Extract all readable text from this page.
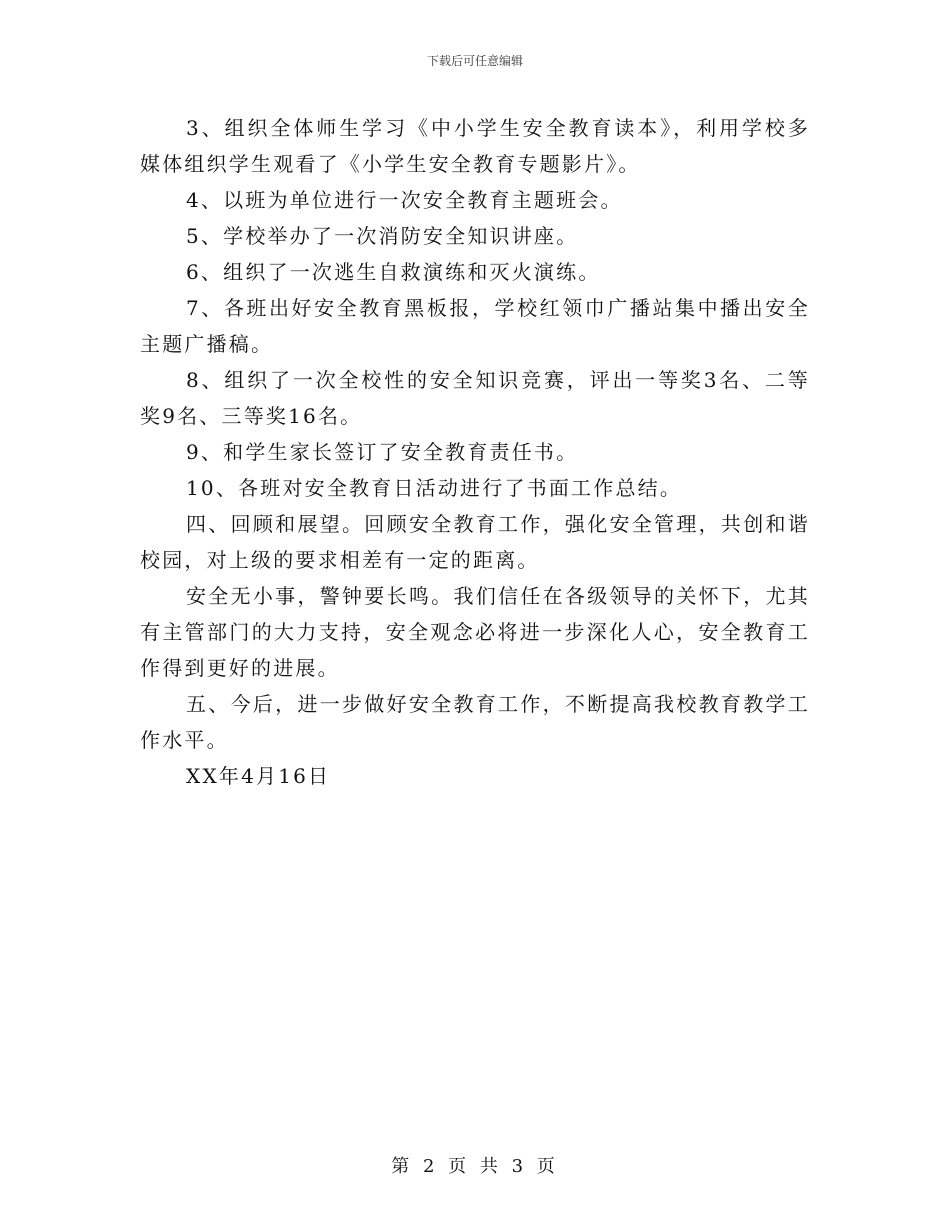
下载后可任意编辑

3、组织全体师生学习《中小学生安全教育读本》，利用学校多媒体组织学生观看了《小学生安全教育专题影片》。

4、以班为单位进行一次安全教育主题班会。

5、学校举办了一次消防安全知识讲座。

6、组织了一次逃生自救演练和灭火演练。

7、各班出好安全教育黑板报，学校红领巾广播站集中播出安全主题广播稿。

8、组织了一次全校性的安全知识竞赛，评出一等奖3名、二等奖9名、三等奖16名。

9、和学生家长签订了安全教育责任书。

10、各班对安全教育日活动进行了书面工作总结。

四、回顾和展望。回顾安全教育工作，强化安全管理，共创和谐校园，对上级的要求相差有一定的距离。

安全无小事，警钟要长鸣。我们信任在各级领导的关怀下，尤其有主管部门的大力支持，安全观念必将进一步深化人心，安全教育工作得到更好的进展。

五、今后，进一步做好安全教育工作，不断提高我校教育教学工作水平。

XX年4月16日

第 2 页 共 3 页
